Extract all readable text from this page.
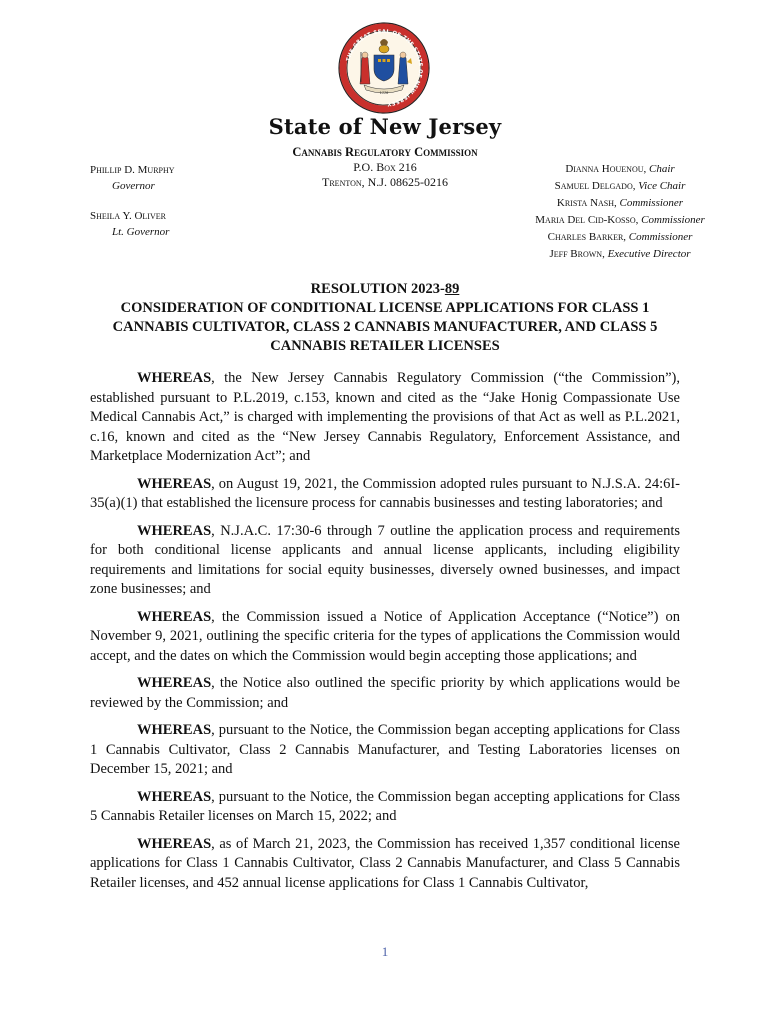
THE GREAT SEAL OF THE STATE OF NEW JERSEY
1776
State of New Jersey
Cannabis Regulatory Commission
P.O. Box 216
Trenton, N.J. 08625-0216
Phillip D. Murphy
Governor
Sheila Y. Oliver
Lt. Governor
Dianna Houenou, Chair
Samuel Delgado, Vice Chair
Krista Nash, Commissioner
Maria Del Cid-Kosso, Commissioner
Charles Barker, Commissioner
Jeff Brown, Executive Director
RESOLUTION 2023-89
CONSIDERATION OF CONDITIONAL LICENSE APPLICATIONS FOR CLASS 1
CANNABIS CULTIVATOR, CLASS 2 CANNABIS MANUFACTURER, AND CLASS 5
CANNABIS RETAILER LICENSES

WHEREAS, the New Jersey Cannabis Regulatory Commission (“the Commission”), established pursuant to P.L.2019, c.153, known and cited as the “Jake Honig Compassionate Use Medical Cannabis Act,” is charged with implementing the provisions of that Act as well as P.L.2021, c.16, known and cited as the “New Jersey Cannabis Regulatory, Enforcement Assistance, and Marketplace Modernization Act”; and

WHEREAS, on August 19, 2021, the Commission adopted rules pursuant to N.J.S.A. 24:6I-35(a)(1) that established the licensure process for cannabis businesses and testing laboratories; and

WHEREAS, N.J.A.C. 17:30-6 through 7 outline the application process and requirements for both conditional license applicants and annual license applicants, including eligibility requirements and limitations for social equity businesses, diversely owned businesses, and impact zone businesses; and

WHEREAS, the Commission issued a Notice of Application Acceptance (“Notice”) on November 9, 2021, outlining the specific criteria for the types of applications the Commission would accept, and the dates on which the Commission would begin accepting those applications; and

WHEREAS, the Notice also outlined the specific priority by which applications would be reviewed by the Commission; and

WHEREAS, pursuant to the Notice, the Commission began accepting applications for Class 1 Cannabis Cultivator, Class 2 Cannabis Manufacturer, and Testing Laboratories licenses on December 15, 2021; and

WHEREAS, pursuant to the Notice, the Commission began accepting applications for Class 5 Cannabis Retailer licenses on March 15, 2022; and

WHEREAS, as of March 21, 2023, the Commission has received 1,357 conditional license applications for Class 1 Cannabis Cultivator, Class 2 Cannabis Manufacturer, and Class 5 Cannabis Retailer licenses, and 452 annual license applications for Class 1 Cannabis Cultivator,

1
